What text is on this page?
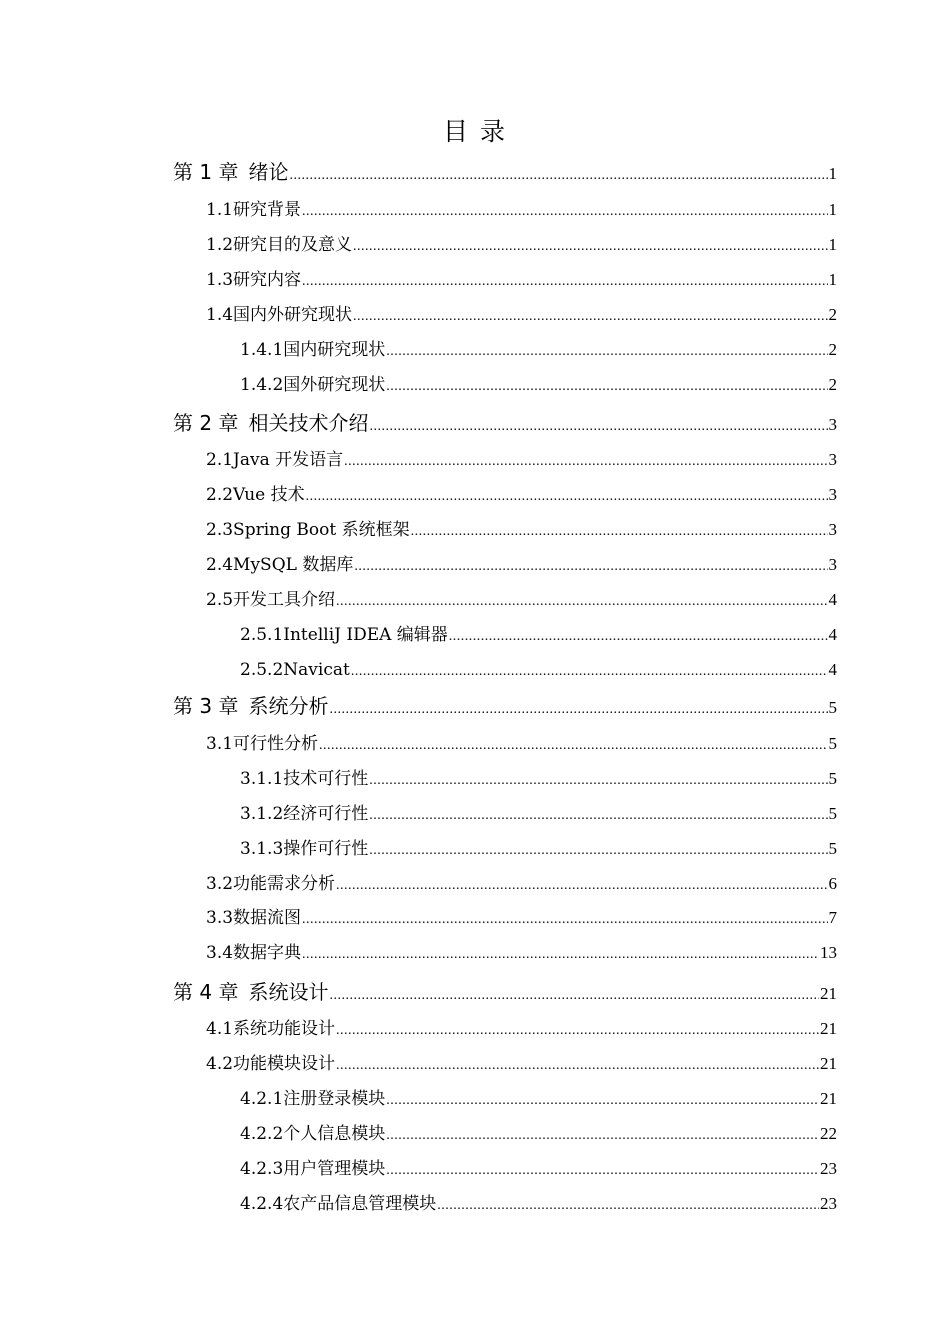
目 录
第 1 章 绪论 .....	1
1.1 研究背景 .....	1
1.2 研究目的及意义 .....	1
1.3 研究内容 .....	1
1.4 国内外研究现状 .....	2
1.4.1 国内研究现状 .....	2
1.4.2 国外研究现状 .....	2
第 2 章 相关技术介绍 .....	3
2.1 Java 开发语言 .....	3
2.2 Vue 技术 .....	3
2.3 Spring Boot 系统框架 .....	3
2.4 MySQL 数据库 .....	3
2.5 开发工具介绍 .....	4
2.5.1 IntelliJ IDEA 编辑器 .....	4
2.5.2 Navicat .....	4
第 3 章 系统分析 .....	5
3.1 可行性分析 .....	5
3.1.1 技术可行性 .....	5
3.1.2 经济可行性 .....	5
3.1.3 操作可行性 .....	5
3.2 功能需求分析 .....	6
3.3 数据流图 .....	7
3.4 数据字典 .....	13
第 4 章 系统设计 .....	21
4.1 系统功能设计 .....	21
4.2 功能模块设计 .....	21
4.2.1 注册登录模块 .....	21
4.2.2 个人信息模块 .....	22
4.2.3 用户管理模块 .....	23
4.2.4 农产品信息管理模块 .....	23
